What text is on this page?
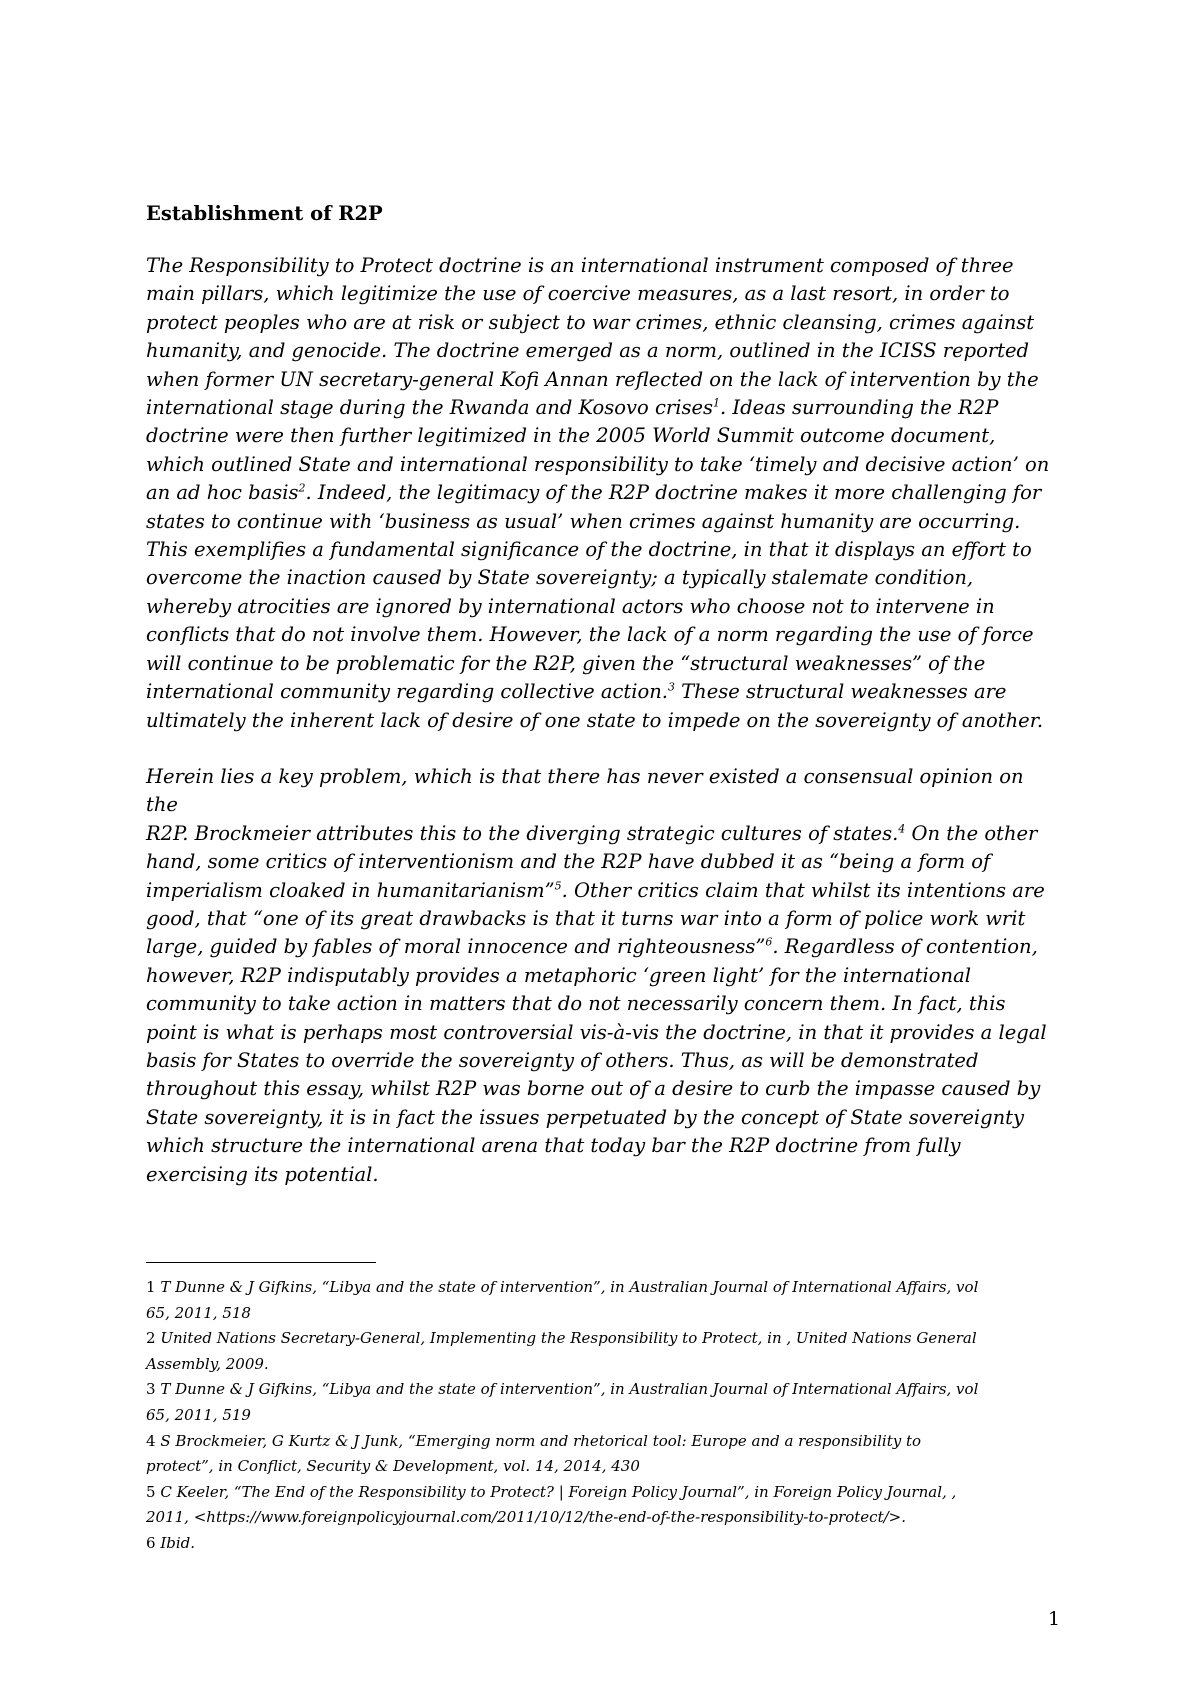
Establishment of R2P

The Responsibility to Protect doctrine is an international instrument composed of three

main pillars, which legitimize the use of coercive measures, as a last resort, in order to

protect peoples who are at risk or subject to war crimes, ethnic cleansing, crimes against

humanity, and genocide. The doctrine emerged as a norm, outlined in the ICISS reported

when former UN secretary-general Kofi Annan reflected on the lack of intervention by the

international stage during the Rwanda and Kosovo crises$^1$. Ideas surrounding the R2P

doctrine were then further legitimized in the 2005 World Summit outcome document,

which outlined State and international responsibility to take ‘timely and decisive action’ on

an ad hoc basis$^2$. Indeed, the legitimacy of the R2P doctrine makes it more challenging for

states to continue with ‘business as usual’ when crimes against humanity are occurring.

This exemplifies a fundamental significance of the doctrine, in that it displays an effort to

overcome the inaction caused by State sovereignty; a typically stalemate condition,

whereby atrocities are ignored by international actors who choose not to intervene in

conflicts that do not involve them. However, the lack of a norm regarding the use of force

will continue to be problematic for the R2P, given the “structural weaknesses” of the

international community regarding collective action.$^3$ These structural weaknesses are

ultimately the inherent lack of desire of one state to impede on the sovereignty of another.

Herein lies a key problem, which is that there has never existed a consensual opinion on the

R2P. Brockmeier attributes this to the diverging strategic cultures of states.$^4$ On the other

hand, some critics of interventionism and the R2P have dubbed it as “being a form of

imperialism cloaked in humanitarianism”$^5$. Other critics claim that whilst its intentions are

good, that “one of its great drawbacks is that it turns war into a form of police work writ

large, guided by fables of moral innocence and righteousness”$^6$. Regardless of contention,

however, R2P indisputably provides a metaphoric ‘green light’ for the international

community to take action in matters that do not necessarily concern them. In fact, this

point is what is perhaps most controversial vis-à-vis the doctrine, in that it provides a legal

basis for States to override the sovereignty of others. Thus, as will be demonstrated

throughout this essay, whilst R2P was borne out of a desire to curb the impasse caused by

State sovereignty, it is in fact the issues perpetuated by the concept of State sovereignty

which structure the international arena that today bar the R2P doctrine from fully

exercising its potential.

1 T Dunne & J Gifkins, “Libya and the state of intervention”, in Australian Journal of International Affairs, vol

65, 2011, 518

2 United Nations Secretary-General, Implementing the Responsibility to Protect, in , United Nations General

Assembly, 2009.

3 T Dunne & J Gifkins, “Libya and the state of intervention”, in Australian Journal of International Affairs, vol

65, 2011, 519

4 S Brockmeier, G Kurtz & J Junk, “Emerging norm and rhetorical tool: Europe and a responsibility to

protect”, in Conflict, Security & Development, vol. 14, 2014, 430

5 C Keeler, “The End of the Responsibility to Protect? | Foreign Policy Journal”, in Foreign Policy Journal, ,

2011, <https://www.foreignpolicyjournal.com/2011/10/12/the-end-of-the-responsibility-to-protect/>.

6 Ibid.

1
